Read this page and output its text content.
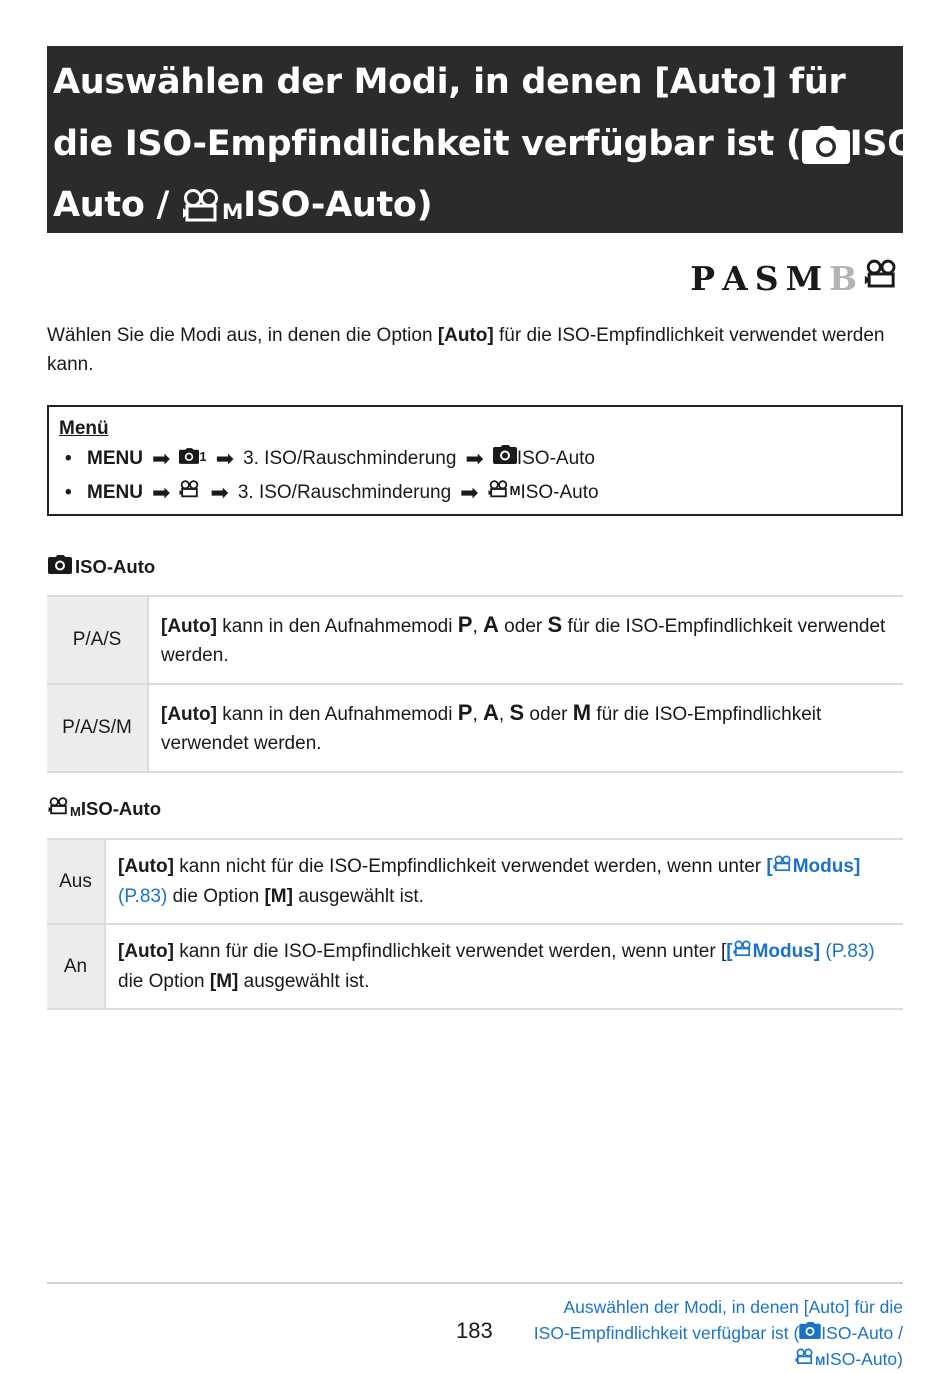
Auswählen der Modi, in denen [Auto] für
die ISO-Empfindlichkeit verfügbar ist ( ISO-
Auto /
MISO-Auto)
P A S M B
Wählen Sie die Modi aus, in denen die Option [Auto] für die ISO-Empfindlichkeit verwendet werden kann.
Menü
• MENU ➡ 1 ➡ 3. ISO/Rauschminderung ➡ ISO-Auto
• MENU ➡ ➡ 3. ISO/Rauschminderung ➡ M ISO-Auto
ISO-Auto
P/A/S	[Auto] kann in den Aufnahmemodi P, A oder S für die ISO-Empfindlichkeit verwendet werden.
P/A/S/M	[Auto] kann in den Aufnahmemodi P, A, S oder M für die ISO-Empfindlichkeit verwendet werden.
M ISO-Auto
Aus	[Auto] kann nicht für die ISO-Empfindlichkeit verwendet werden, wenn unter [ Modus] (P.83) die Option [M] ausgewählt ist.
An	[Auto] kann für die ISO-Empfindlichkeit verwendet werden, wenn unter [[ Modus] (P.83) die Option [M] ausgewählt ist.
183
Auswählen der Modi, in denen [Auto] für die
ISO-Empfindlichkeit verfügbar ist ( ISO-Auto /
MISO-Auto)
